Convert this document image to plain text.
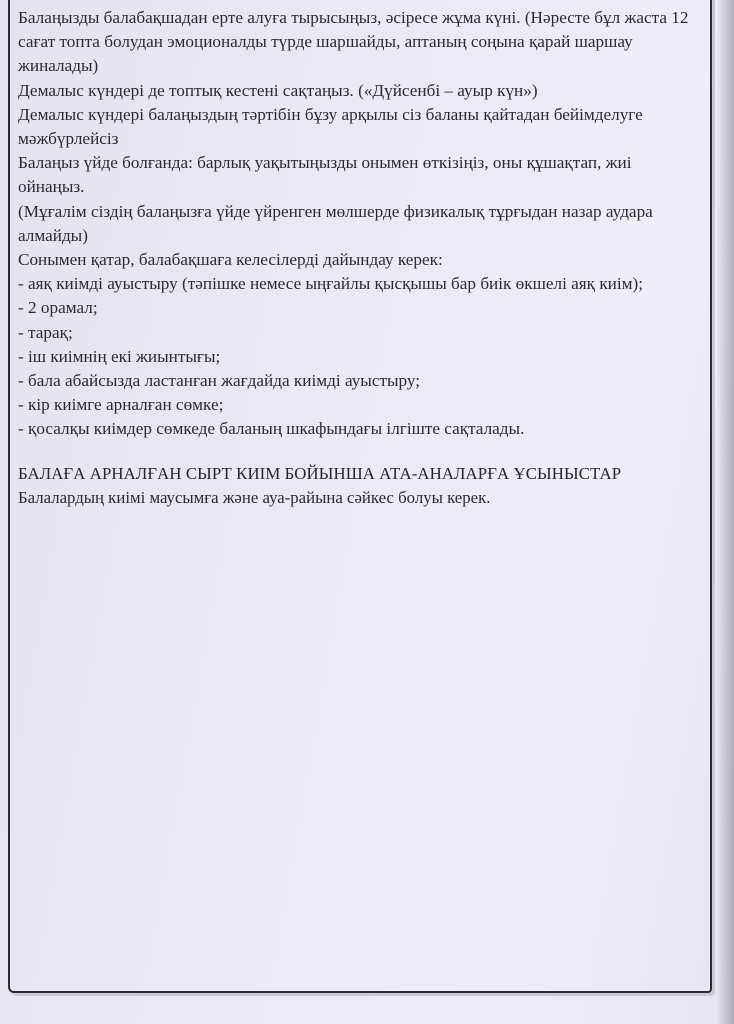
Балаңызды балабақшадан ерте алуға тырысыңыз, әсіресе жұма күні. (Нәресте бұл жаста 12 сағат топта болудан эмоционалды түрде шаршайды, аптаның соңына қарай шаршау жиналады)

Демалыс күндері де топтық кестені сақтаңыз. («Дүйсенбі – ауыр күн»)

Демалыс күндері балаңыздың тәртібін бұзу арқылы сіз баланы қайтадан бейімделуге мәжбүрлейсіз

Балаңыз үйде болғанда: барлық уақытыңызды онымен өткізіңіз, оны құшақтап, жиі ойнаңыз.

(Мұғалім сіздің балаңызға үйде үйренген мөлшерде физикалық тұрғыдан назар аудара алмайды)

Сонымен қатар, балабақшаға келесілерді дайындау керек:

- аяқ киімді ауыстыру (тәпішке немесе ыңғайлы қысқышы бар биік өкшелі аяқ киім);
- 2 орамал;
- тарақ;
- іш киімнің екі жиынтығы;
- бала абайсызда ластанған жағдайда киімді ауыстыру;
- кір киімге арналған сөмке;
- қосалқы киімдер сөмкеде баланың шкафындағы ілгіште сақталады.

БАЛАҒА АРНАЛҒАН СЫРТ КИІМ БОЙЫНША АТА-АНАЛАРҒА ҰСЫНЫСТАР

Балалардың киімі маусымға және ауа-райына сәйкес болуы керек.
